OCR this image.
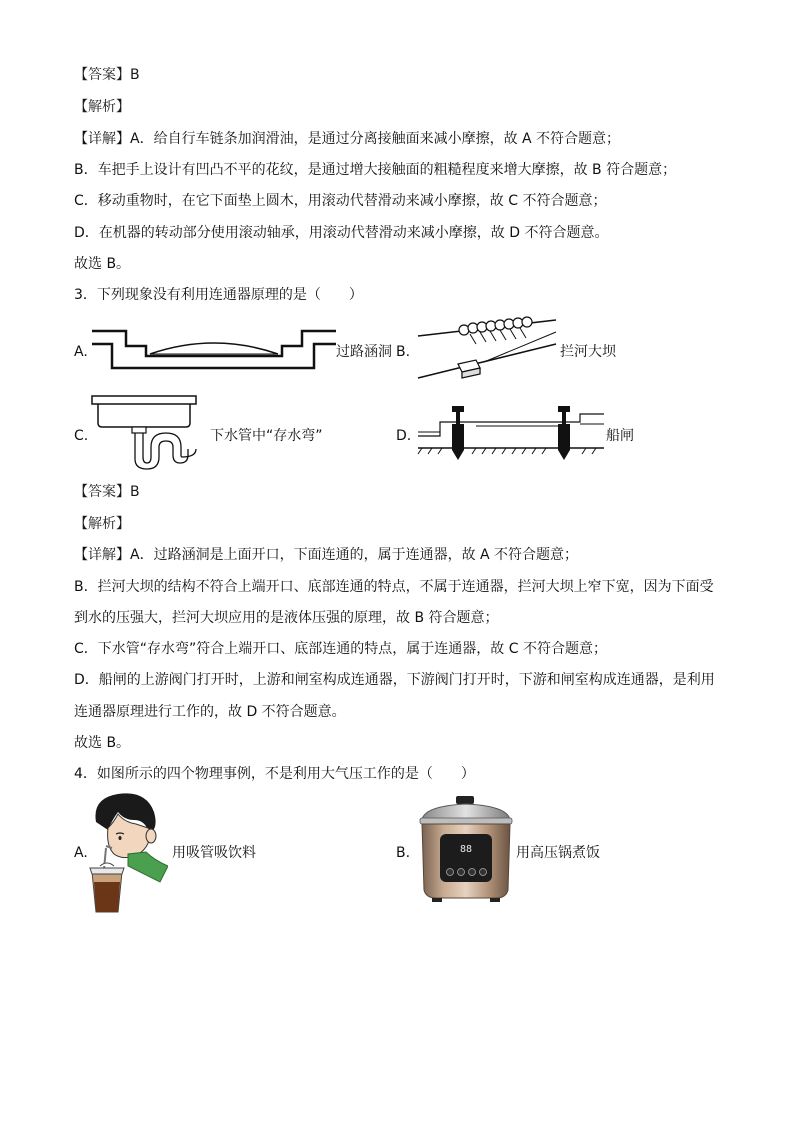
【答案】B
【解析】
【详解】A．给自行车链条加润滑油，是通过分离接触面来减小摩擦，故 A 不符合题意；
B．车把手上设计有凹凸不平的花纹，是通过增大接触面的粗糙程度来增大摩擦，故 B 符合题意；
C．移动重物时，在它下面垫上圆木，用滚动代替滑动来减小摩擦，故 C 不符合题意；
D．在机器的转动部分使用滚动轴承，用滚动代替滑动来减小摩擦，故 D 不符合题意。
故选 B。
3．下列现象没有利用连通器原理的是（　　）
A.	过路涵洞 B.	拦河大坝
C.	下水管中“存水弯”	D.	船闸
【答案】B
【解析】
【详解】A．过路涵洞是上面开口，下面连通的，属于连通器，故 A 不符合题意；
B．拦河大坝的结构不符合上端开口、底部连通的特点，不属于连通器，拦河大坝上窄下宽，因为下面受
到水的压强大，拦河大坝应用的是液体压强的原理，故 B 符合题意；
C．下水管“存水弯”符合上端开口、底部连通的特点，属于连通器，故 C 不符合题意；
D．船闸的上游阀门打开时，上游和闸室构成连通器，下游阀门打开时，下游和闸室构成连通器，是利用
连通器原理进行工作的，故 D 不符合题意。
故选 B。
4．如图所示的四个物理事例，不是利用大气压工作的是（　　）
A.	用吸管吸饮料	B.	88	用高压锅煮饭
